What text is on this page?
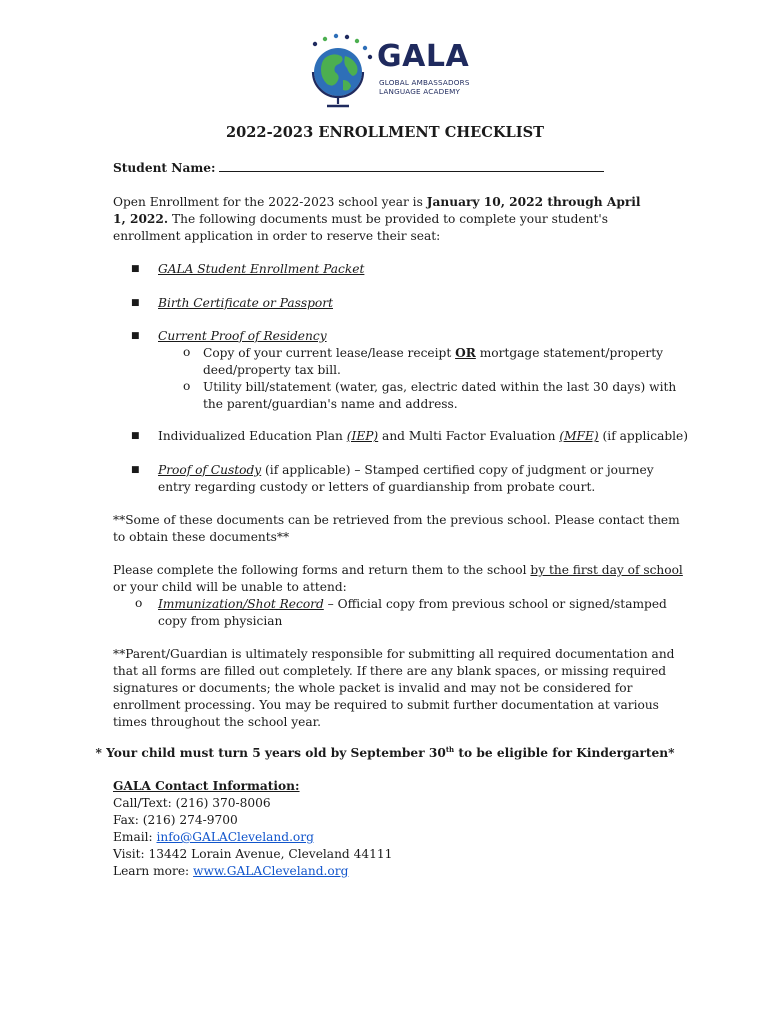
GALA
GLOBAL AMBASSADORS
LANGUAGE ACADEMY
2022-2023 ENROLLMENT CHECKLIST

Student Name:

Open Enrollment for the 2022-2023 school year is January 10, 2022 through April

1, 2022. The following documents must be provided to complete your student's

enrollment application in order to reserve their seat:

■ GALA Student Enrollment Packet

■ Birth Certificate or Passport

■ Current Proof of Residency

o Copy of your current lease/lease receipt OR mortgage statement/property

deed/property tax bill.

o Utility bill/statement (water, gas, electric dated within the last 30 days) with

the parent/guardian's name and address.

■ Individualized Education Plan (IEP) and Multi Factor Evaluation (MFE) (if applicable)

■ Proof of Custody (if applicable) – Stamped certified copy of judgment or journey

entry regarding custody or letters of guardianship from probate court.

**Some of these documents can be retrieved from the previous school. Please contact them

to obtain these documents**

Please complete the following forms and return them to the school by the first day of school

or your child will be unable to attend:

o Immunization/Shot Record – Official copy from previous school or signed/stamped

copy from physician

**Parent/Guardian is ultimately responsible for submitting all required documentation and

that all forms are filled out completely. If there are any blank spaces, or missing required

signatures or documents; the whole packet is invalid and may not be considered for

enrollment processing. You may be required to submit further documentation at various

times throughout the school year.

* Your child must turn 5 years old by September 30th to be eligible for Kindergarten*

GALA Contact Information:

Call/Text: (216) 370-8006

Fax: (216) 274-9700

Email: info@GALACleveland.org

Visit: 13442 Lorain Avenue, Cleveland 44111

Learn more: www.GALACleveland.org
